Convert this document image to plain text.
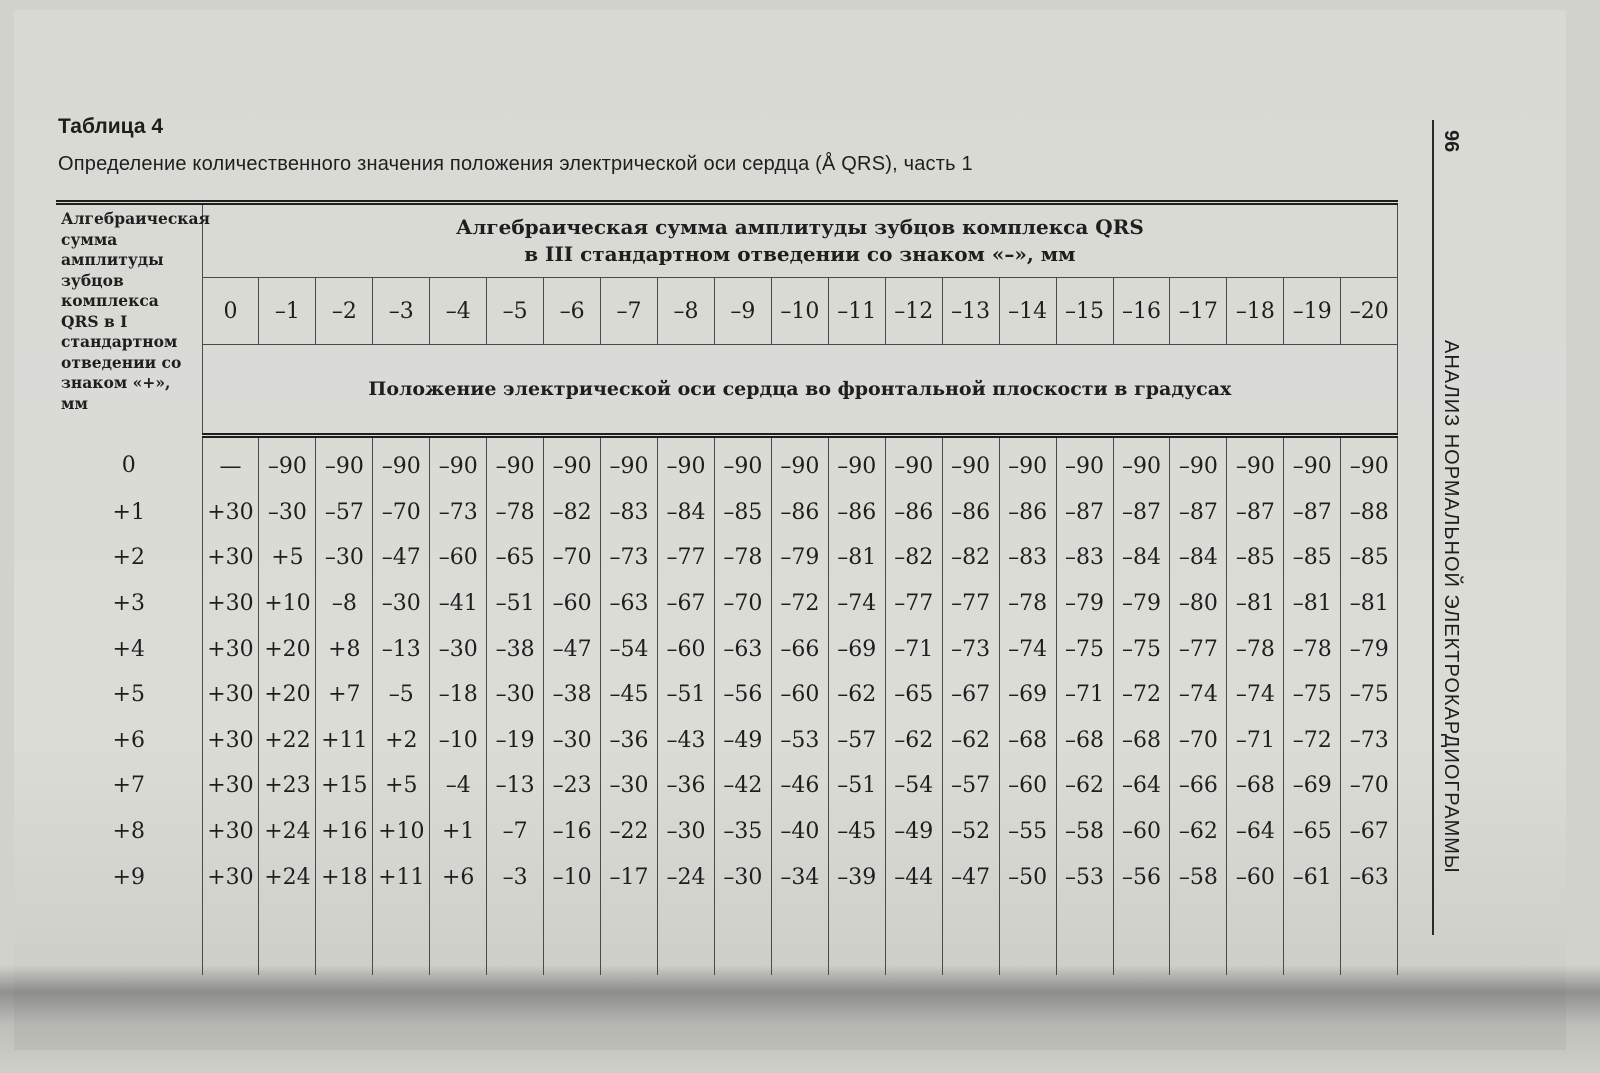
Таблица 4
Определение количественного значения положения электрической оси сердца (Å QRS), часть 1
96
АНАЛИЗ НОРМАЛЬНОЙ ЭЛЕКТРОКАРДИОГРАММЫ
Алгебраическая сумма амплитуды зубцов комплекса QRS в I стандартном отведении со знаком «+», мм	Алгебраическая сумма амплитуды зубцов комплекса QRS
в III стандартном отведении со знаком «–», мм																				

	0	–1	–2	–3	–4	–5	–6	–7	–8	–9	–10	–11	–12	–13	–14	–15	–16	–17	–18	–19	–20
	Положение электрической оси сердца во фронтальной плоскости в градусах																				
0	—	–90	–90	–90	–90	–90	–90	–90	–90	–90	–90	–90	–90	–90	–90	–90	–90	–90	–90	–90	–90
+1	+30	–30	–57	–70	–73	–78	–82	–83	–84	–85	–86	–86	–86	–86	–86	–87	–87	–87	–87	–87	–88
+2	+30	+5	–30	–47	–60	–65	–70	–73	–77	–78	–79	–81	–82	–82	–83	–83	–84	–84	–85	–85	–85
+3	+30	+10	–8	–30	–41	–51	–60	–63	–67	–70	–72	–74	–77	–77	–78	–79	–79	–80	–81	–81	–81
+4	+30	+20	+8	–13	–30	–38	–47	–54	–60	–63	–66	–69	–71	–73	–74	–75	–75	–77	–78	–78	–79
+5	+30	+20	+7	–5	–18	–30	–38	–45	–51	–56	–60	–62	–65	–67	–69	–71	–72	–74	–74	–75	–75
+6	+30	+22	+11	+2	–10	–19	–30	–36	–43	–49	–53	–57	–62	–62	–68	–68	–68	–70	–71	–72	–73
+7	+30	+23	+15	+5	–4	–13	–23	–30	–36	–42	–46	–51	–54	–57	–60	–62	–64	–66	–68	–69	–70
+8	+30	+24	+16	+10	+1	–7	–16	–22	–30	–35	–40	–45	–49	–52	–55	–58	–60	–62	–64	–65	–67
+9	+30	+24	+18	+11	+6	–3	–10	–17	–24	–30	–34	–39	–44	–47	–50	–53	–56	–58	–60	–61	–63
